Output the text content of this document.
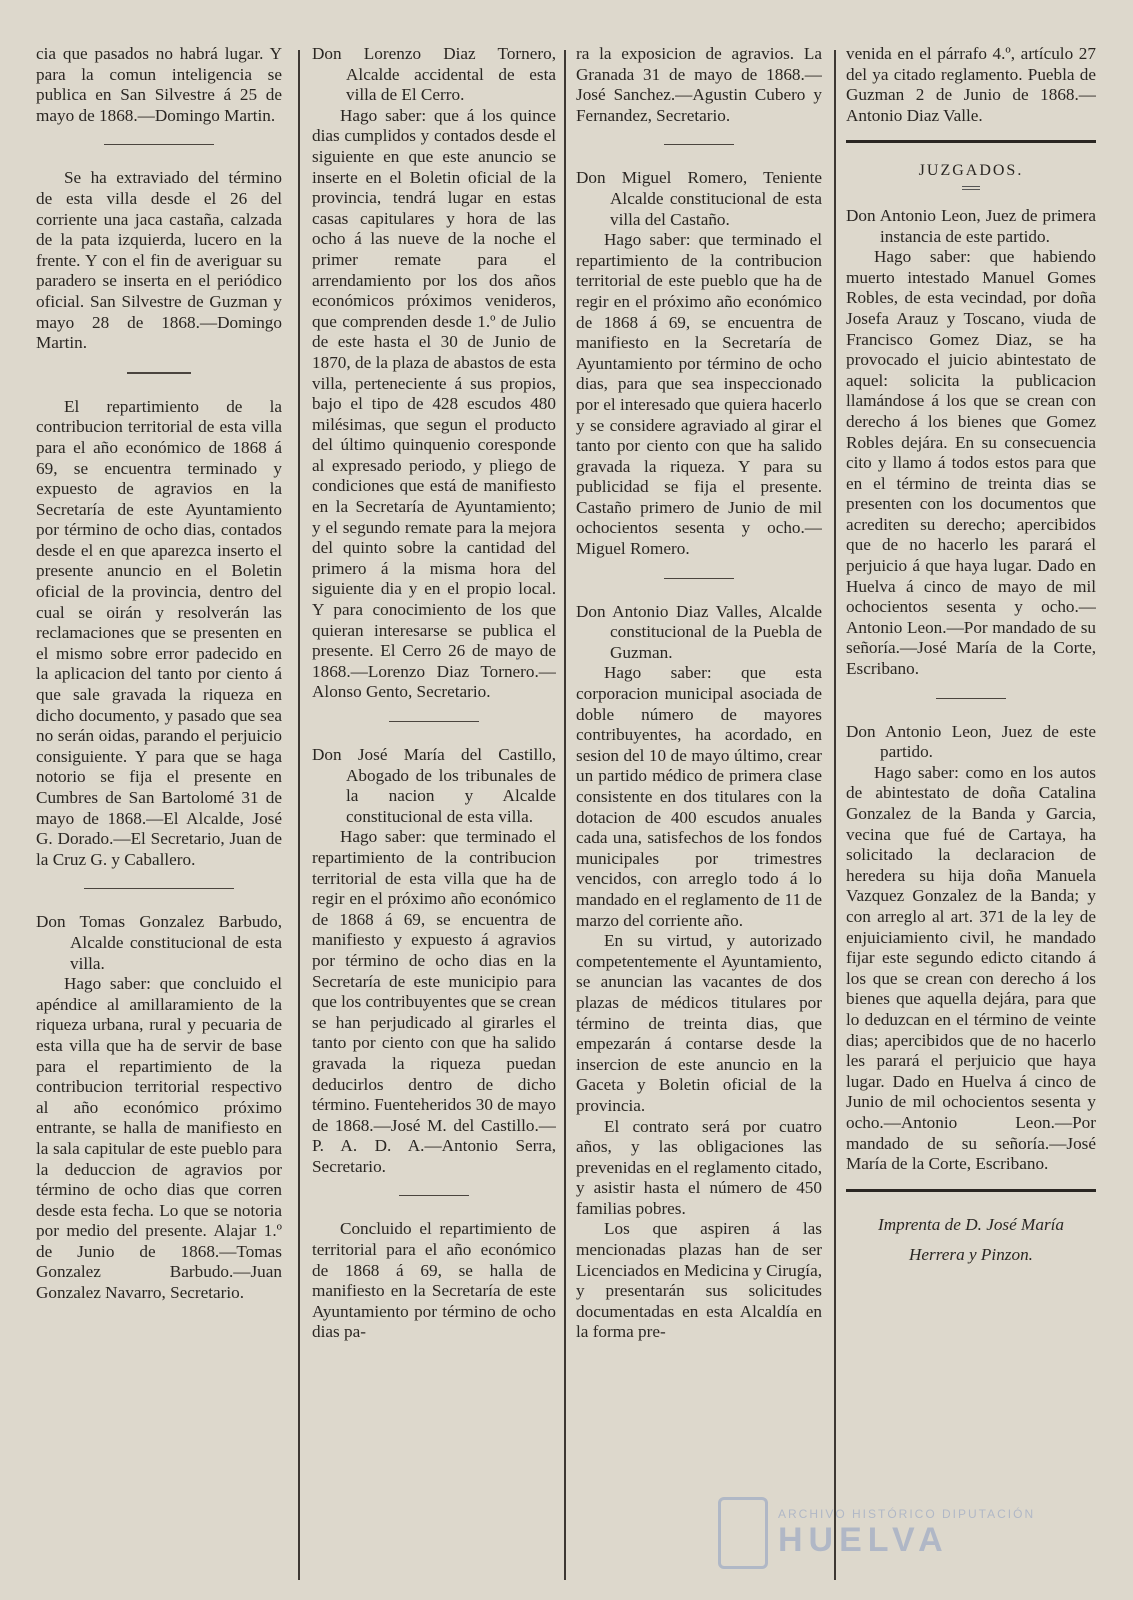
cia que pasados no habrá lugar. Y para la comun inteligencia se publica en San Silvestre á 25 de mayo de 1868.—Domingo Martin.

Se ha extraviado del término de esta villa desde el 26 del corriente una jaca castaña, calzada de la pata izquierda, lucero en la frente. Y con el fin de averiguar su paradero se inserta en el periódico oficial. San Silvestre de Guzman y mayo 28 de 1868.—Domingo Martin.

El repartimiento de la contribucion territorial de esta villa para el año económico de 1868 á 69, se encuentra terminado y expuesto de agravios en la Secretaría de este Ayuntamiento por término de ocho dias, contados desde el en que aparezca inserto el presente anuncio en el Boletin oficial de la provincia, dentro del cual se oirán y resolverán las reclamaciones que se presenten en el mismo sobre error padecido en la aplicacion del tanto por ciento á que sale gravada la riqueza en dicho documento, y pasado que sea no serán oidas, parando el perjuicio consiguiente. Y para que se haga notorio se fija el presente en Cumbres de San Bartolomé 31 de mayo de 1868.—El Alcalde, José G. Dorado.—El Secretario, Juan de la Cruz G. y Caballero.

Don Tomas Gonzalez Barbudo, Alcalde constitucional de esta villa.

Hago saber: que concluido el apéndice al amillaramiento de la riqueza urbana, rural y pecuaria de esta villa que ha de servir de base para el repartimiento de la contribucion territorial respectivo al año económico próximo entrante, se halla de manifiesto en la sala capitular de este pueblo para la deduccion de agravios por término de ocho dias que corren desde esta fecha. Lo que se notoria por medio del presente. Alajar 1.º de Junio de 1868.—Tomas Gonzalez Barbudo.—Juan Gonzalez Navarro, Secretario.

Don Lorenzo Diaz Tornero, Alcalde accidental de esta villa de El Cerro.

Hago saber: que á los quince dias cumplidos y contados desde el siguiente en que este anuncio se inserte en el Boletin oficial de la provincia, tendrá lugar en estas casas capitulares y hora de las ocho á las nueve de la noche el primer remate para el arrendamiento por los dos años económicos próximos venideros, que comprenden desde 1.º de Julio de este hasta el 30 de Junio de 1870, de la plaza de abastos de esta villa, perteneciente á sus propios, bajo el tipo de 428 escudos 480 milésimas, que segun el producto del último quinquenio coresponde al expresado periodo, y pliego de condiciones que está de manifiesto en la Secretaría de Ayuntamiento; y el segundo remate para la mejora del quinto sobre la cantidad del primero á la misma hora del siguiente dia y en el propio local. Y para conocimiento de los que quieran interesarse se publica el presente. El Cerro 26 de mayo de 1868.—Lorenzo Diaz Tornero.—Alonso Gento, Secretario.

Don José María del Castillo, Abogado de los tribunales de la nacion y Alcalde constitucional de esta villa.

Hago saber: que terminado el repartimiento de la contribucion territorial de esta villa que ha de regir en el próximo año económico de 1868 á 69, se encuentra de manifiesto y expuesto á agravios por término de ocho dias en la Secretaría de este municipio para que los contribuyentes que se crean se han perjudicado al girarles el tanto por ciento con que ha salido gravada la riqueza puedan deducirlos dentro de dicho término. Fuenteheridos 30 de mayo de 1868.—José M. del Castillo.—P. A. D. A.—Antonio Serra, Secretario.

Concluido el repartimiento de territorial para el año económico de 1868 á 69, se halla de manifiesto en la Secretaría de este Ayuntamiento por término de ocho dias pa-

ra la exposicion de agravios. La Granada 31 de mayo de 1868.—José Sanchez.—Agustin Cubero y Fernandez, Secretario.

Don Miguel Romero, Teniente Alcalde constitucional de esta villa del Castaño.

Hago saber: que terminado el repartimiento de la contribucion territorial de este pueblo que ha de regir en el próximo año económico de 1868 á 69, se encuentra de manifiesto en la Secretaría de Ayuntamiento por término de ocho dias, para que sea inspeccionado por el interesado que quiera hacerlo y se considere agraviado al girar el tanto por ciento con que ha salido gravada la riqueza. Y para su publicidad se fija el presente. Castaño primero de Junio de mil ochocientos sesenta y ocho.—Miguel Romero.

Don Antonio Diaz Valles, Alcalde constitucional de la Puebla de Guzman.

Hago saber: que esta corporacion municipal asociada de doble número de mayores contribuyentes, ha acordado, en sesion del 10 de mayo último, crear un partido médico de primera clase consistente en dos titulares con la dotacion de 400 escudos anuales cada una, satisfechos de los fondos municipales por trimestres vencidos, con arreglo todo á lo mandado en el reglamento de 11 de marzo del corriente año.

En su virtud, y autorizado competentemente el Ayuntamiento, se anuncian las vacantes de dos plazas de médicos titulares por término de treinta dias, que empezarán á contarse desde la insercion de este anuncio en la Gaceta y Boletin oficial de la provincia.

El contrato será por cuatro años, y las obligaciones las prevenidas en el reglamento citado, y asistir hasta el número de 450 familias pobres.

Los que aspiren á las mencionadas plazas han de ser Licenciados en Medicina y Cirugía, y presentarán sus solicitudes documentadas en esta Alcaldía en la forma pre-

venida en el párrafo 4.º, artículo 27 del ya citado reglamento. Puebla de Guzman 2 de Junio de 1868.—Antonio Diaz Valle.

JUZGADOS.

Don Antonio Leon, Juez de primera instancia de este partido.

Hago saber: que habiendo muerto intestado Manuel Gomes Robles, de esta vecindad, por doña Josefa Arauz y Toscano, viuda de Francisco Gomez Diaz, se ha provocado el juicio abintestato de aquel: solicita la publicacion llamándose á los que se crean con derecho á los bienes que Gomez Robles dejára. En su consecuencia cito y llamo á todos estos para que en el término de treinta dias se presenten con los documentos que acrediten su derecho; apercibidos que de no hacerlo les parará el perjuicio á que haya lugar. Dado en Huelva á cinco de mayo de mil ochocientos sesenta y ocho.—Antonio Leon.—Por mandado de su señoría.—José María de la Corte, Escribano.

Don Antonio Leon, Juez de este partido.

Hago saber: como en los autos de abintestato de doña Catalina Gonzalez de la Banda y Garcia, vecina que fué de Cartaya, ha solicitado la declaracion de heredera su hija doña Manuela Vazquez Gonzalez de la Banda; y con arreglo al art. 371 de la ley de enjuiciamiento civil, he mandado fijar este segundo edicto citando á los que se crean con derecho á los bienes que aquella dejára, para que lo deduzcan en el término de veinte dias; apercibidos que de no hacerlo les parará el perjuicio que haya lugar. Dado en Huelva á cinco de Junio de mil ochocientos sesenta y ocho.—Antonio Leon.—Por mandado de su señoría.—José María de la Corte, Escribano.

Imprenta de D. José María
Herrera y Pinzon.
ARCHIVO HISTÓRICO DIPUTACIÓN
HUELVA
